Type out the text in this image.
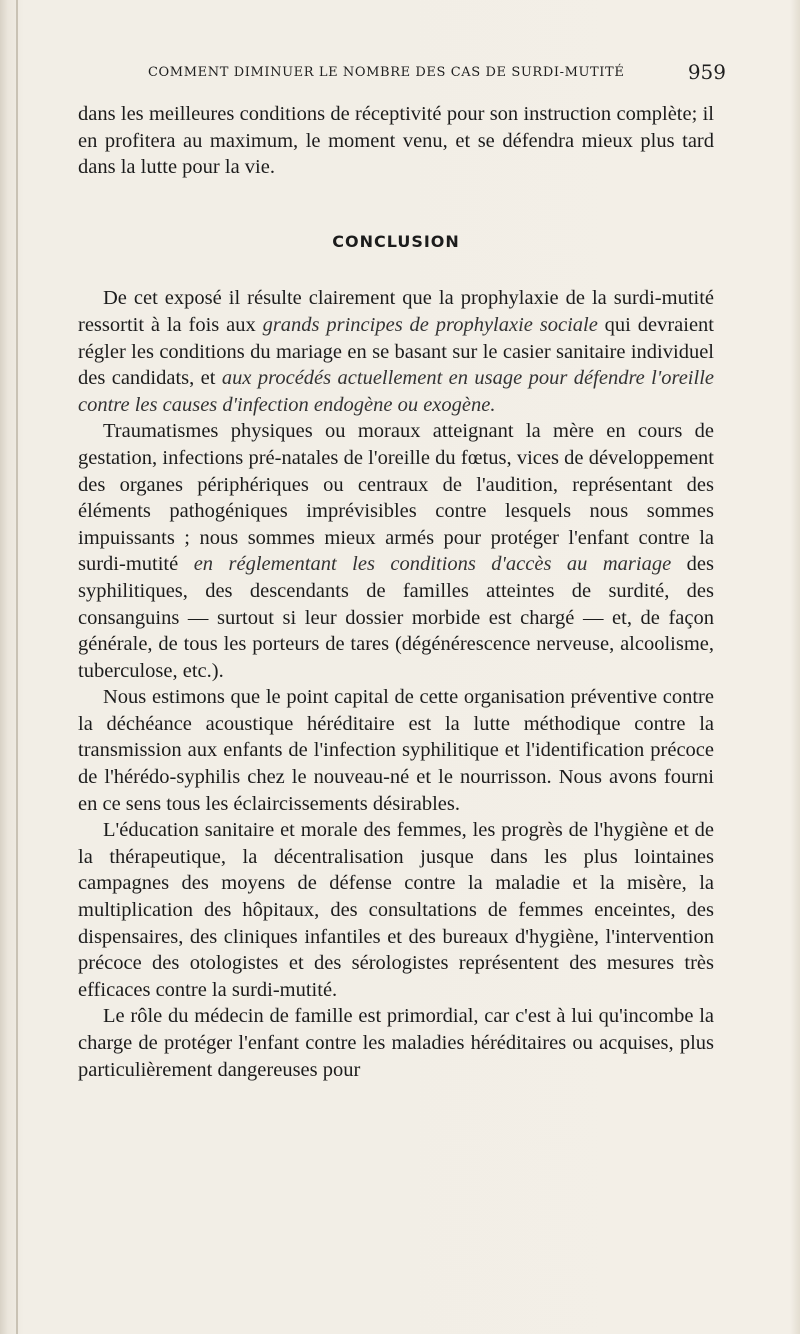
COMMENT DIMINUER LE NOMBRE DES CAS DE SURDI-MUTITÉ	959

dans les meilleures conditions de réceptivité pour son instruction complète; il en profitera au maximum, le moment venu, et se défendra mieux plus tard dans la lutte pour la vie.

CONCLUSION

De cet exposé il résulte clairement que la prophylaxie de la surdi-mutité ressortit à la fois aux grands principes de prophylaxie sociale qui devraient régler les conditions du mariage en se basant sur le casier sanitaire individuel des candidats, et aux procédés actuellement en usage pour défendre l'oreille contre les causes d'infection endogène ou exogène.

Traumatismes physiques ou moraux atteignant la mère en cours de gestation, infections pré-natales de l'oreille du fœtus, vices de développement des organes périphériques ou centraux de l'audition, représentant des éléments pathogéniques imprévisibles contre lesquels nous sommes impuissants ; nous sommes mieux armés pour protéger l'enfant contre la surdi-mutité en réglementant les conditions d'accès au mariage des syphilitiques, des descendants de familles atteintes de surdité, des consanguins — surtout si leur dossier morbide est chargé — et, de façon générale, de tous les porteurs de tares (dégénérescence nerveuse, alcoolisme, tuberculose, etc.).

Nous estimons que le point capital de cette organisation préventive contre la déchéance acoustique héréditaire est la lutte méthodique contre la transmission aux enfants de l'infection syphilitique et l'identification précoce de l'hérédo-syphilis chez le nouveau-né et le nourrisson. Nous avons fourni en ce sens tous les éclaircissements désirables.

L'éducation sanitaire et morale des femmes, les progrès de l'hygiène et de la thérapeutique, la décentralisation jusque dans les plus lointaines campagnes des moyens de défense contre la maladie et la misère, la multiplication des hôpitaux, des consultations de femmes enceintes, des dispensaires, des cliniques infantiles et des bureaux d'hygiène, l'intervention précoce des otologistes et des sérologistes représentent des mesures très efficaces contre la surdi-mutité.

Le rôle du médecin de famille est primordial, car c'est à lui qu'incombe la charge de protéger l'enfant contre les maladies héréditaires ou acquises, plus particulièrement dangereuses pour
